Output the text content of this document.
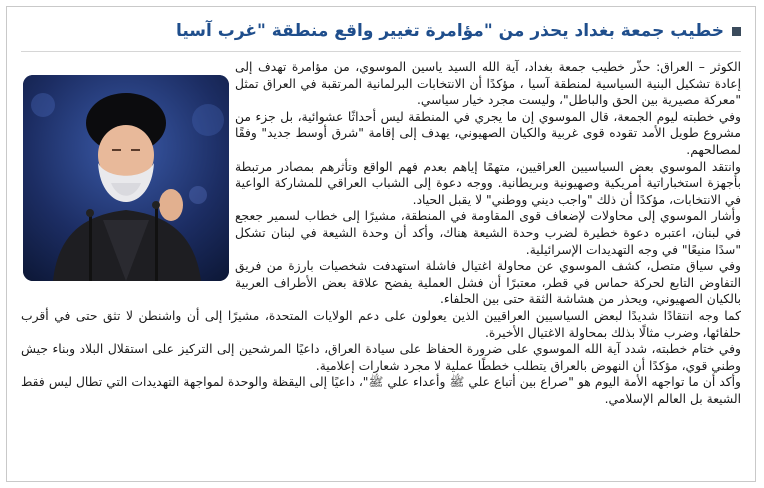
خطيب جمعة بغداد يحذر من "مؤامرة تغيير واقع منطقة "غرب آسيا

الكوثر – العراق: حذّر خطيب جمعة بغداد، آية الله السيد ياسين الموسوي، من مؤامرة تهدف إلى إعادة تشكيل البنية السياسية لمنطقة آسيا ، مؤكدًا أن الانتخابات البرلمانية المرتقبة في العراق تمثل "معركة مصيرية بين الحق والباطل"، وليست مجرد خيار سياسي.

وفي خطبته ليوم الجمعة، قال الموسوي إن ما يجري في المنطقة ليس أحداثًا عشوائية، بل جزء من مشروع طويل الأمد تقوده قوى غربية والكيان الصهيوني، يهدف إلى إقامة "شرق أوسط جديد" وفقًا لمصالحهم.

وانتقد الموسوي بعض السياسيين العراقيين، متهمًا إياهم بعدم فهم الواقع وتأثرهم بمصادر مرتبطة بأجهزة استخباراتية أمريكية وصهيونية وبريطانية. ووجه دعوة إلى الشباب العراقي للمشاركة الواعية في الانتخابات، مؤكدًا أن ذلك "واجب ديني ووطني" لا يقبل الحياد.

وأشار الموسوي إلى محاولات لإضعاف قوى المقاومة في المنطقة، مشيرًا إلى خطاب لسمير جعجع في لبنان، اعتبره دعوة خطيرة لضرب وحدة الشيعة هناك، وأكد أن وحدة الشيعة في لبنان تشكل "سدًا منيعًا" في وجه التهديدات الإسرائيلية.

وفي سياق متصل، كشف الموسوي عن محاولة اغتيال فاشلة استهدفت شخصيات بارزة من فريق التفاوض التابع لحركة حماس في قطر، معتبرًا أن فشل العملية يفضح علاقة بعض الأطراف العربية بالكيان الصهيوني، ويحذر من هشاشة الثقة حتى بين الحلفاء.

كما وجه انتقادًا شديدًا لبعض السياسيين العراقيين الذين يعولون على دعم الولايات المتحدة، مشيرًا إلى أن واشنطن لا تثق حتى في أقرب حلفائها، وضرب مثالًا بذلك بمحاولة الاغتيال الأخيرة.

وفي ختام خطبته، شدد آية الله الموسوي على ضرورة الحفاظ على سيادة العراق، داعيًا المرشحين إلى التركيز على استقلال البلاد وبناء جيش وطني قوي، مؤكدًا أن النهوض بالعراق يتطلب خططًا عملية لا مجرد شعارات إعلامية.

وأكد أن ما تواجهه الأمة اليوم هو "صراع بين أتباع علي ﷺ وأعداء علي ﷺ"، داعيًا إلى اليقظة والوحدة لمواجهة التهديدات التي تطال ليس فقط الشيعة بل العالم الإسلامي.
